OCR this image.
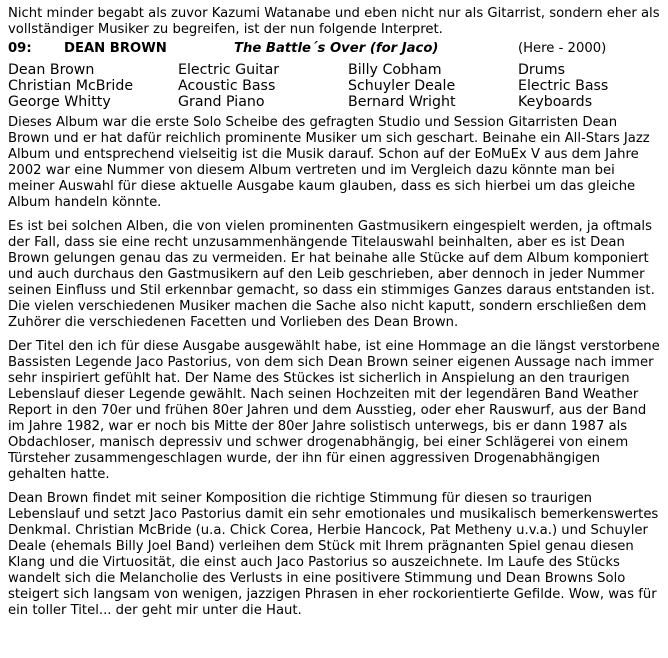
Nicht minder begabt als zuvor Kazumi Watanabe und eben nicht nur als Gitarrist, sondern eher als vollständiger Musiker zu begreifen, ist der nun folgende Interpret.

09:	DEAN BROWN	The Battle´s Over (for Jaco)	(Here - 2000)
Dean Brown	Electric Guitar	Billy Cobham	Drums
Christian McBride	Acoustic Bass	Schuyler Deale	Electric Bass
George Whitty	Grand Piano	Bernard Wright	Keyboards

Dieses Album war die erste Solo Scheibe des gefragten Studio und Session Gitarristen Dean Brown und er hat dafür reichlich prominente Musiker um sich geschart. Beinahe ein All-Stars Jazz Album und entsprechend vielseitig ist die Musik darauf. Schon auf der EoMuEx V aus dem Jahre 2002 war eine Nummer von diesem Album vertreten und im Vergleich dazu könnte man bei meiner Auswahl für diese aktuelle Ausgabe kaum glauben, dass es sich hierbei um das gleiche Album handeln könnte.

Es ist bei solchen Alben, die von vielen prominenten Gastmusikern eingespielt werden, ja oftmals der Fall, dass sie eine recht unzusammenhängende Titelauswahl beinhalten, aber es ist Dean Brown gelungen genau das zu vermeiden. Er hat beinahe alle Stücke auf dem Album komponiert und auch durchaus den Gastmusikern auf den Leib geschrieben, aber dennoch in jeder Nummer seinen Einfluss und Stil erkennbar gemacht, so dass ein stimmiges Ganzes daraus entstanden ist. Die vielen verschiedenen Musiker machen die Sache also nicht kaputt, sondern erschließen dem Zuhörer die verschiedenen Facetten und Vorlieben des Dean Brown.

Der Titel den ich für diese Ausgabe ausgewählt habe, ist eine Hommage an die längst verstorbene Bassisten Legende Jaco Pastorius, von dem sich Dean Brown seiner eigenen Aussage nach immer sehr inspiriert gefühlt hat. Der Name des Stückes ist sicherlich in Anspielung an den traurigen Lebenslauf dieser Legende gewählt. Nach seinen Hochzeiten mit der legendären Band Weather Report in den 70er und frühen 80er Jahren und dem Ausstieg, oder eher Rauswurf, aus der Band im Jahre 1982, war er noch bis Mitte der 80er Jahre solistisch unterwegs, bis er dann 1987 als Obdachloser, manisch depressiv und schwer drogenabhängig, bei einer Schlägerei von einem Türsteher zusammengeschlagen wurde, der ihn für einen aggressiven Drogenabhängigen gehalten hatte.

Dean Brown findet mit seiner Komposition die richtige Stimmung für diesen so traurigen Lebenslauf und setzt Jaco Pastorius damit ein sehr emotionales und musikalisch bemerkenswertes Denkmal. Christian McBride (u.a. Chick Corea, Herbie Hancock, Pat Metheny u.v.a.) und Schuyler Deale (ehemals Billy Joel Band) verleihen dem Stück mit Ihrem prägnanten Spiel genau diesen Klang und die Virtuosität, die einst auch Jaco Pastorius so auszeichnete. Im Laufe des Stücks wandelt sich die Melancholie des Verlusts in eine positivere Stimmung und Dean Browns Solo steigert sich langsam von wenigen, jazzigen Phrasen in eher rockorientierte Gefilde. Wow, was für ein toller Titel... der geht mir unter die Haut.
